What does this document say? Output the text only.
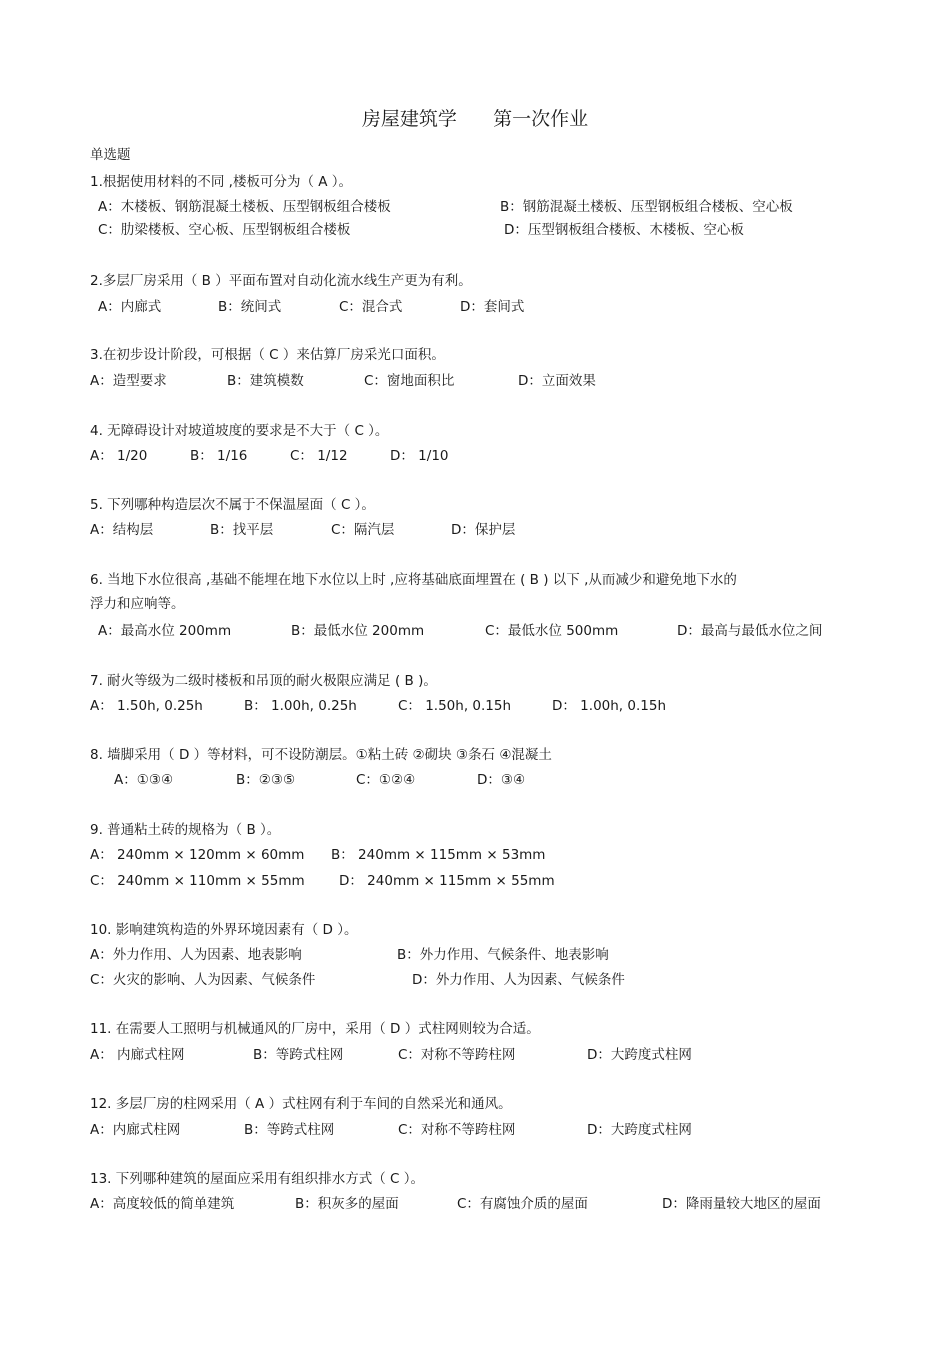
房屋建筑学      第一次作业
单选题
1.根据使用材料的不同 ,楼板可分为（ A ）。
A：木楼板、钢筋混凝土楼板、压型钢板组合楼板	B：钢筋混凝土楼板、压型钢板组合楼板、空心板
C：肋梁楼板、空心板、压型钢板组合楼板	D：压型钢板组合楼板、木楼板、空心板
2.多层厂房采用（ B ）平面布置对自动化流水线生产更为有利。
A：内廊式	B：统间式	C：混合式	D：套间式
3.在初步设计阶段，可根据（ C ）来估算厂房采光口面积。
A：造型要求	B：建筑模数	C：窗地面积比	D：立面效果
4. 无障碍设计对坡道坡度的要求是不大于（ C ）。
A： 1/20	B： 1/16	C： 1/12	D： 1/10
5. 下列哪种构造层次不属于不保温屋面（ C ）。
A：结构层	B：找平层	C：隔汽层	D：保护层
6. 当地下水位很高 ,基础不能埋在地下水位以上时 ,应将基础底面埋置在 ( B ) 以下 ,从而减少和避免地下水的
浮力和应响等。
A：最高水位 200mm	B：最低水位 200mm	C：最低水位 500mm	D：最高与最低水位之间
7. 耐火等级为二级时楼板和吊顶的耐火极限应满足 ( B )。
A： 1.50h, 0.25h	B： 1.00h, 0.25h	C： 1.50h, 0.15h	D： 1.00h, 0.15h
8. 墙脚采用（ D ）等材料，可不设防潮层。①粘土砖 ②砌块 ③条石 ④混凝土
A：①③④	B：②③⑤	C：①②④	D：③④
9. 普通粘土砖的规格为（ B ）。
A： 240mm × 120mm × 60mm B： 240mm × 115mm × 53mm
C： 240mm × 110mm × 55mm	D： 240mm × 115mm × 55mm
10. 影响建筑构造的外界环境因素有（ D ）。
A：外力作用、人为因素、地表影响	B：外力作用、气候条件、地表影响
C：火灾的影响、人为因素、气候条件	D：外力作用、人为因素、气候条件
11. 在需要人工照明与机械通风的厂房中，采用（ D ）式柱网则较为合适。
A： 内廊式柱网	B：等跨式柱网	C：对称不等跨柱网	D：大跨度式柱网
12. 多层厂房的柱网采用（ A ）式柱网有利于车间的自然采光和通风。
A：内廊式柱网	B：等跨式柱网	C：对称不等跨柱网	D：大跨度式柱网
13. 下列哪种建筑的屋面应采用有组织排水方式（ C ）。
A：高度较低的简单建筑	B：积灰多的屋面	C：有腐蚀介质的屋面	D：降雨量较大地区的屋面
